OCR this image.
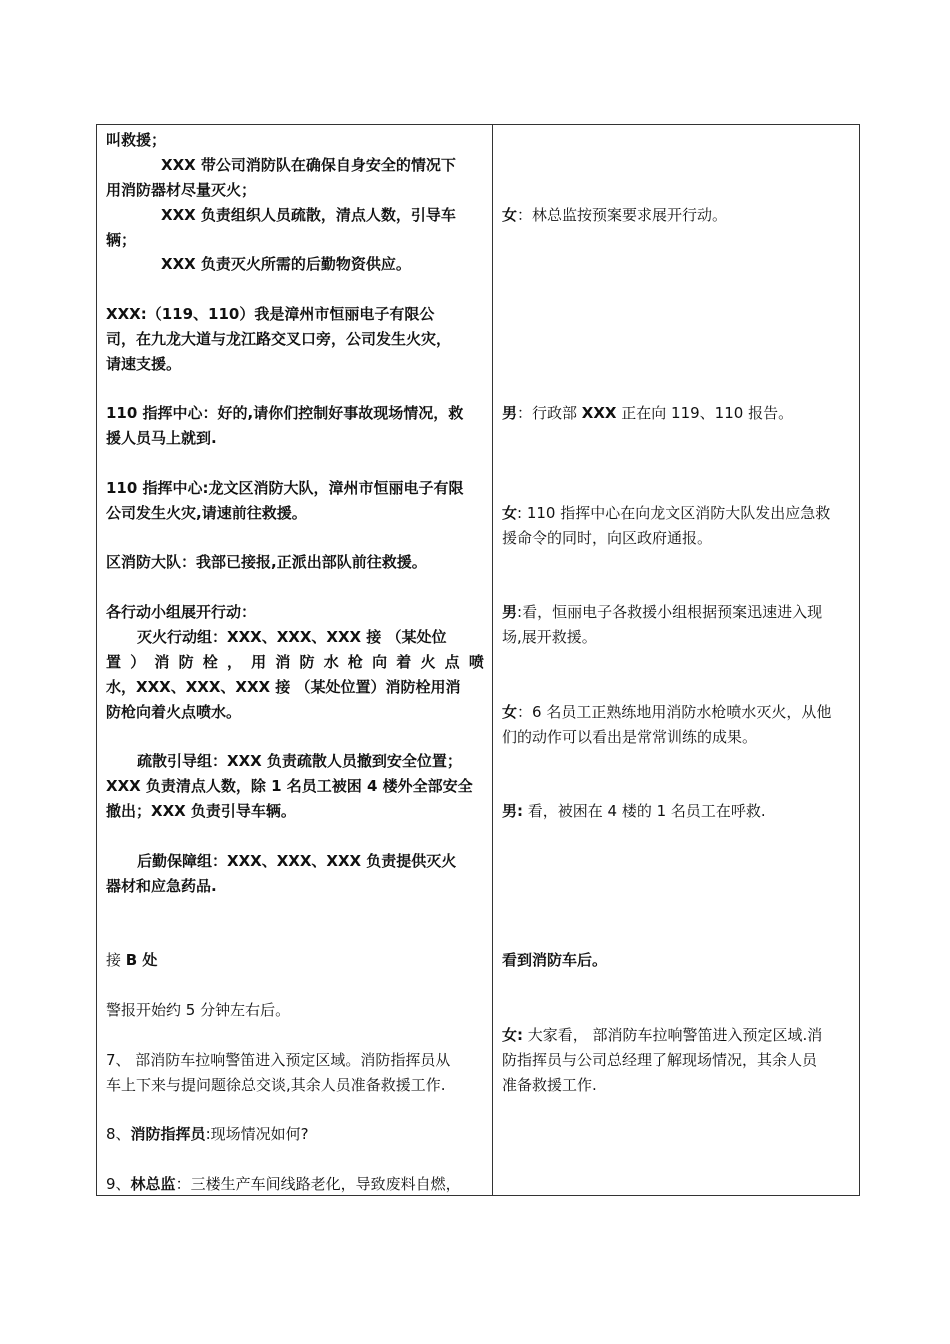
叫救援；
XXX 带公司消防队在确保自身安全的情况下
用消防器材尽量灭火；
XXX 负责组织人员疏散，清点人数，引导车
辆；
XXX 负责灭火所需的后勤物资供应。
XXX:（119、110）我是漳州市恒丽电子有限公
司，在九龙大道与龙江路交叉口旁，公司发生火灾，
请速支援。
110 指挥中心：好的,请你们控制好事故现场情况，救
援人员马上就到.
110 指挥中心:龙文区消防大队，漳州市恒丽电子有限
公司发生火灾,请速前往救援。
区消防大队：我部已接报,正派出部队前往救援。
各行动小组展开行动：
灭火行动组：XXX、XXX、XXX 接 （某处位
置 ） 消 防 栓 ， 用 消 防 水 枪 向 着 火 点 喷
水，XXX、XXX、XXX 接 （某处位置）消防栓用消
防枪向着火点喷水。
疏散引导组：XXX 负责疏散人员撤到安全位置；
XXX 负责清点人数，除 1 名员工被困 4 楼外全部安全
撤出；XXX 负责引导车辆。
后勤保障组：XXX、XXX、XXX 负责提供灭火
器材和应急药品.
接 B 处
警报开始约 5 分钟左右后。
7、 部消防车拉响警笛进入预定区域。消防指挥员从
车上下来与提问题徐总交谈,其余人员准备救援工作.
8、消防指挥员:现场情况如何?
9、林总监：三楼生产车间线路老化，导致废料自燃，
女：林总监按预案要求展开行动。
男：行政部 XXX 正在向 119、110 报告。
女: 110 指挥中心在向龙文区消防大队发出应急救
援命令的同时，向区政府通报。
男:看，恒丽电子各救援小组根据预案迅速进入现
场,展开救援。
女：6 名员工正熟练地用消防水枪喷水灭火，从他
们的动作可以看出是常常训练的成果。
男: 看，被困在 4 楼的 1 名员工在呼救.
看到消防车后。
女: 大家看， 部消防车拉响警笛进入预定区域.消
防指挥员与公司总经理了解现场情况，其余人员
准备救援工作.
